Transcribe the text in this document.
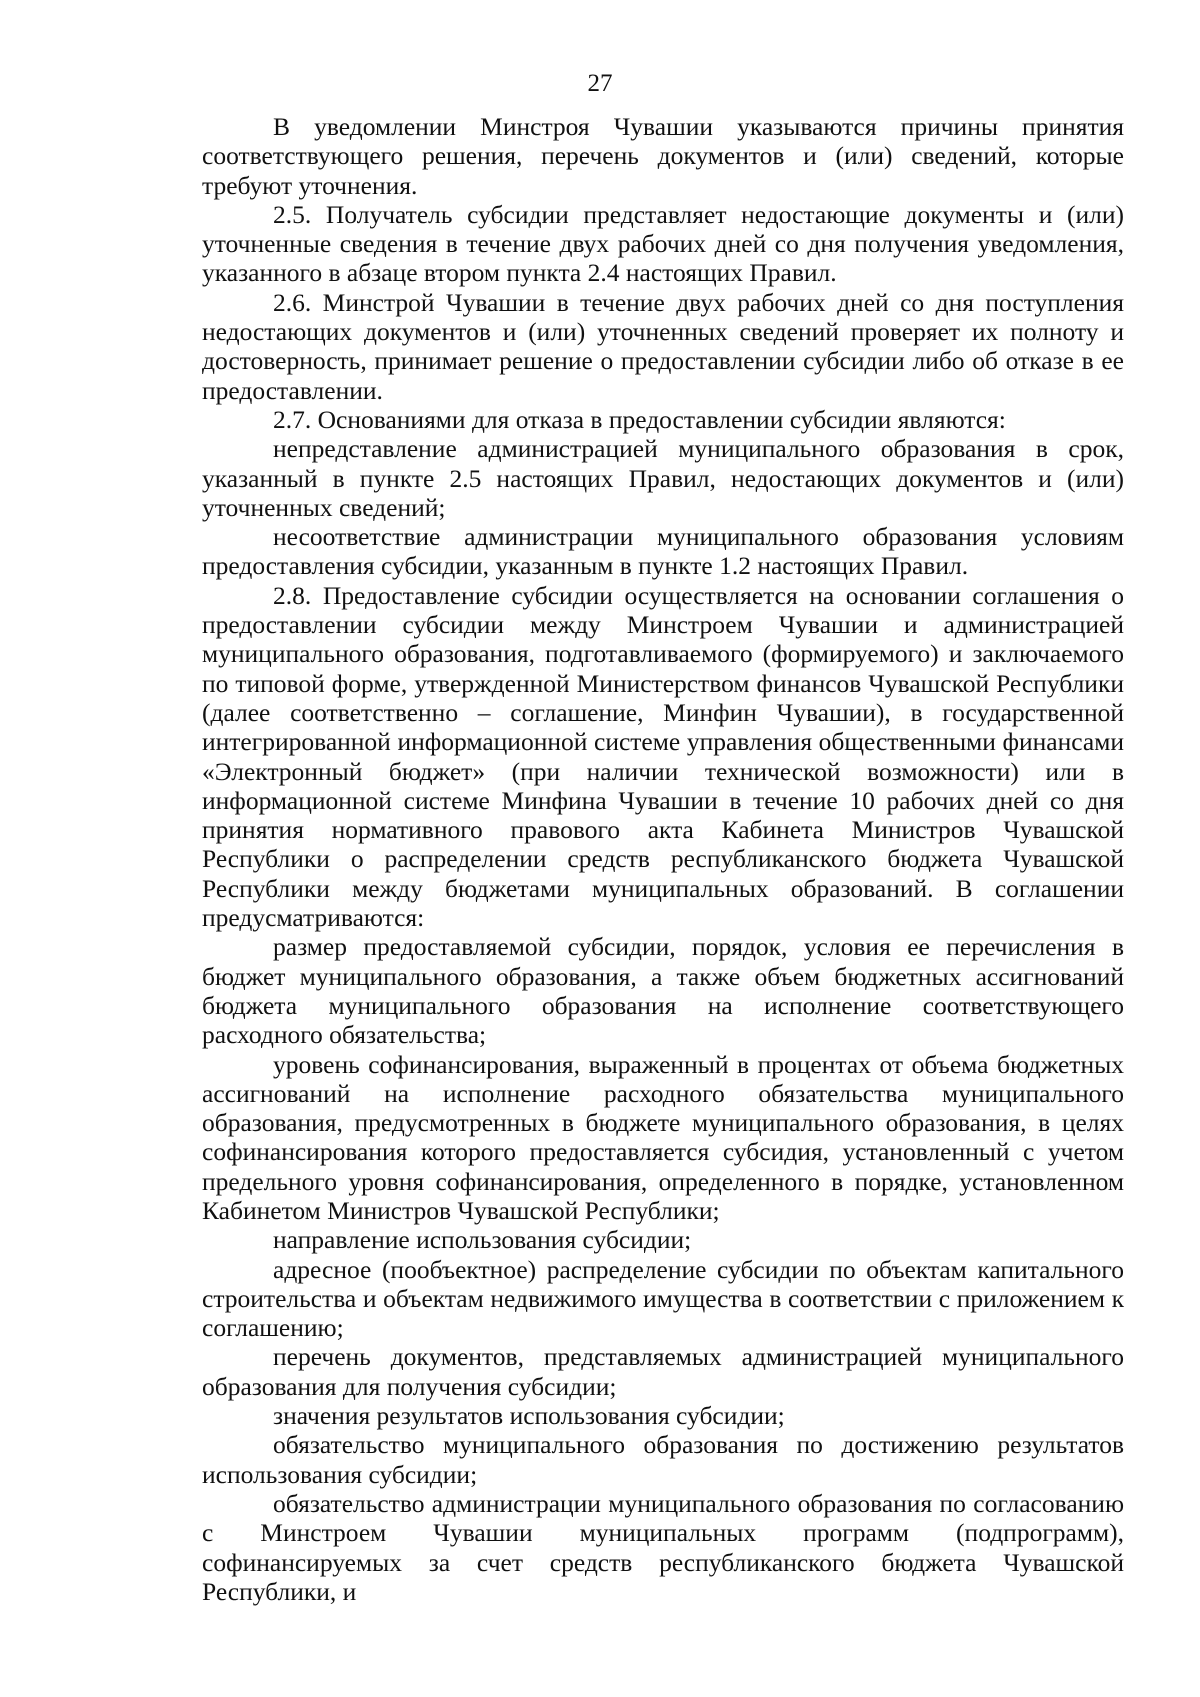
27

В уведомлении Минстроя Чувашии указываются причины принятия соответствующего решения, перечень документов и (или) сведений, которые требуют уточнения.

2.5. Получатель субсидии представляет недостающие документы и (или) уточненные сведения в течение двух рабочих дней со дня получения уведомления, указанного в абзаце втором пункта 2.4 настоящих Правил.

2.6. Минстрой Чувашии в течение двух рабочих дней со дня поступления недостающих документов и (или) уточненных сведений проверяет их полноту и достоверность, принимает решение о предоставлении субсидии либо об отказе в ее предоставлении.

2.7. Основаниями для отказа в предоставлении субсидии являются:

непредставление администрацией муниципального образования в срок, указанный в пункте 2.5 настоящих Правил, недостающих документов и (или) уточненных сведений;

несоответствие администрации муниципального образования условиям предоставления субсидии, указанным в пункте 1.2 настоящих Правил.

2.8. Предоставление субсидии осуществляется на основании соглашения о предоставлении субсидии между Минстроем Чувашии и администрацией муниципального образования, подготавливаемого (формируемого) и заключаемого по типовой форме, утвержденной Министерством финансов Чувашской Республики (далее соответственно – соглашение, Минфин Чувашии), в государственной интегрированной информационной системе управления общественными финансами «Электронный бюджет» (при наличии технической возможности) или в информационной системе Минфина Чувашии в течение 10 рабочих дней со дня принятия нормативного правового акта Кабинета Министров Чувашской Республики о распределении средств республиканского бюджета Чувашской Республики между бюджетами муниципальных образований. В соглашении предусматриваются:

размер предоставляемой субсидии, порядок, условия ее перечисления в бюджет муниципального образования, а также объем бюджетных ассигнований бюджета муниципального образования на исполнение соответствующего расходного обязательства;

уровень софинансирования, выраженный в процентах от объема бюджетных ассигнований на исполнение расходного обязательства муниципального образования, предусмотренных в бюджете муниципального образования, в целях софинансирования которого предоставляется субсидия, установленный с учетом предельного уровня софинансирования, определенного в порядке, установленном Кабинетом Министров Чувашской Республики;

направление использования субсидии;

адресное (пообъектное) распределение субсидии по объектам капитального строительства и объектам недвижимого имущества в соответствии с приложением к соглашению;

перечень документов, представляемых администрацией муниципального образования для получения субсидии;

значения результатов использования субсидии;

обязательство муниципального образования по достижению результатов использования субсидии;

обязательство администрации муниципального образования по согласованию с Минстроем Чувашии муниципальных программ (подпрограмм), софинансируемых за счет средств республиканского бюджета Чувашской Республики, и
